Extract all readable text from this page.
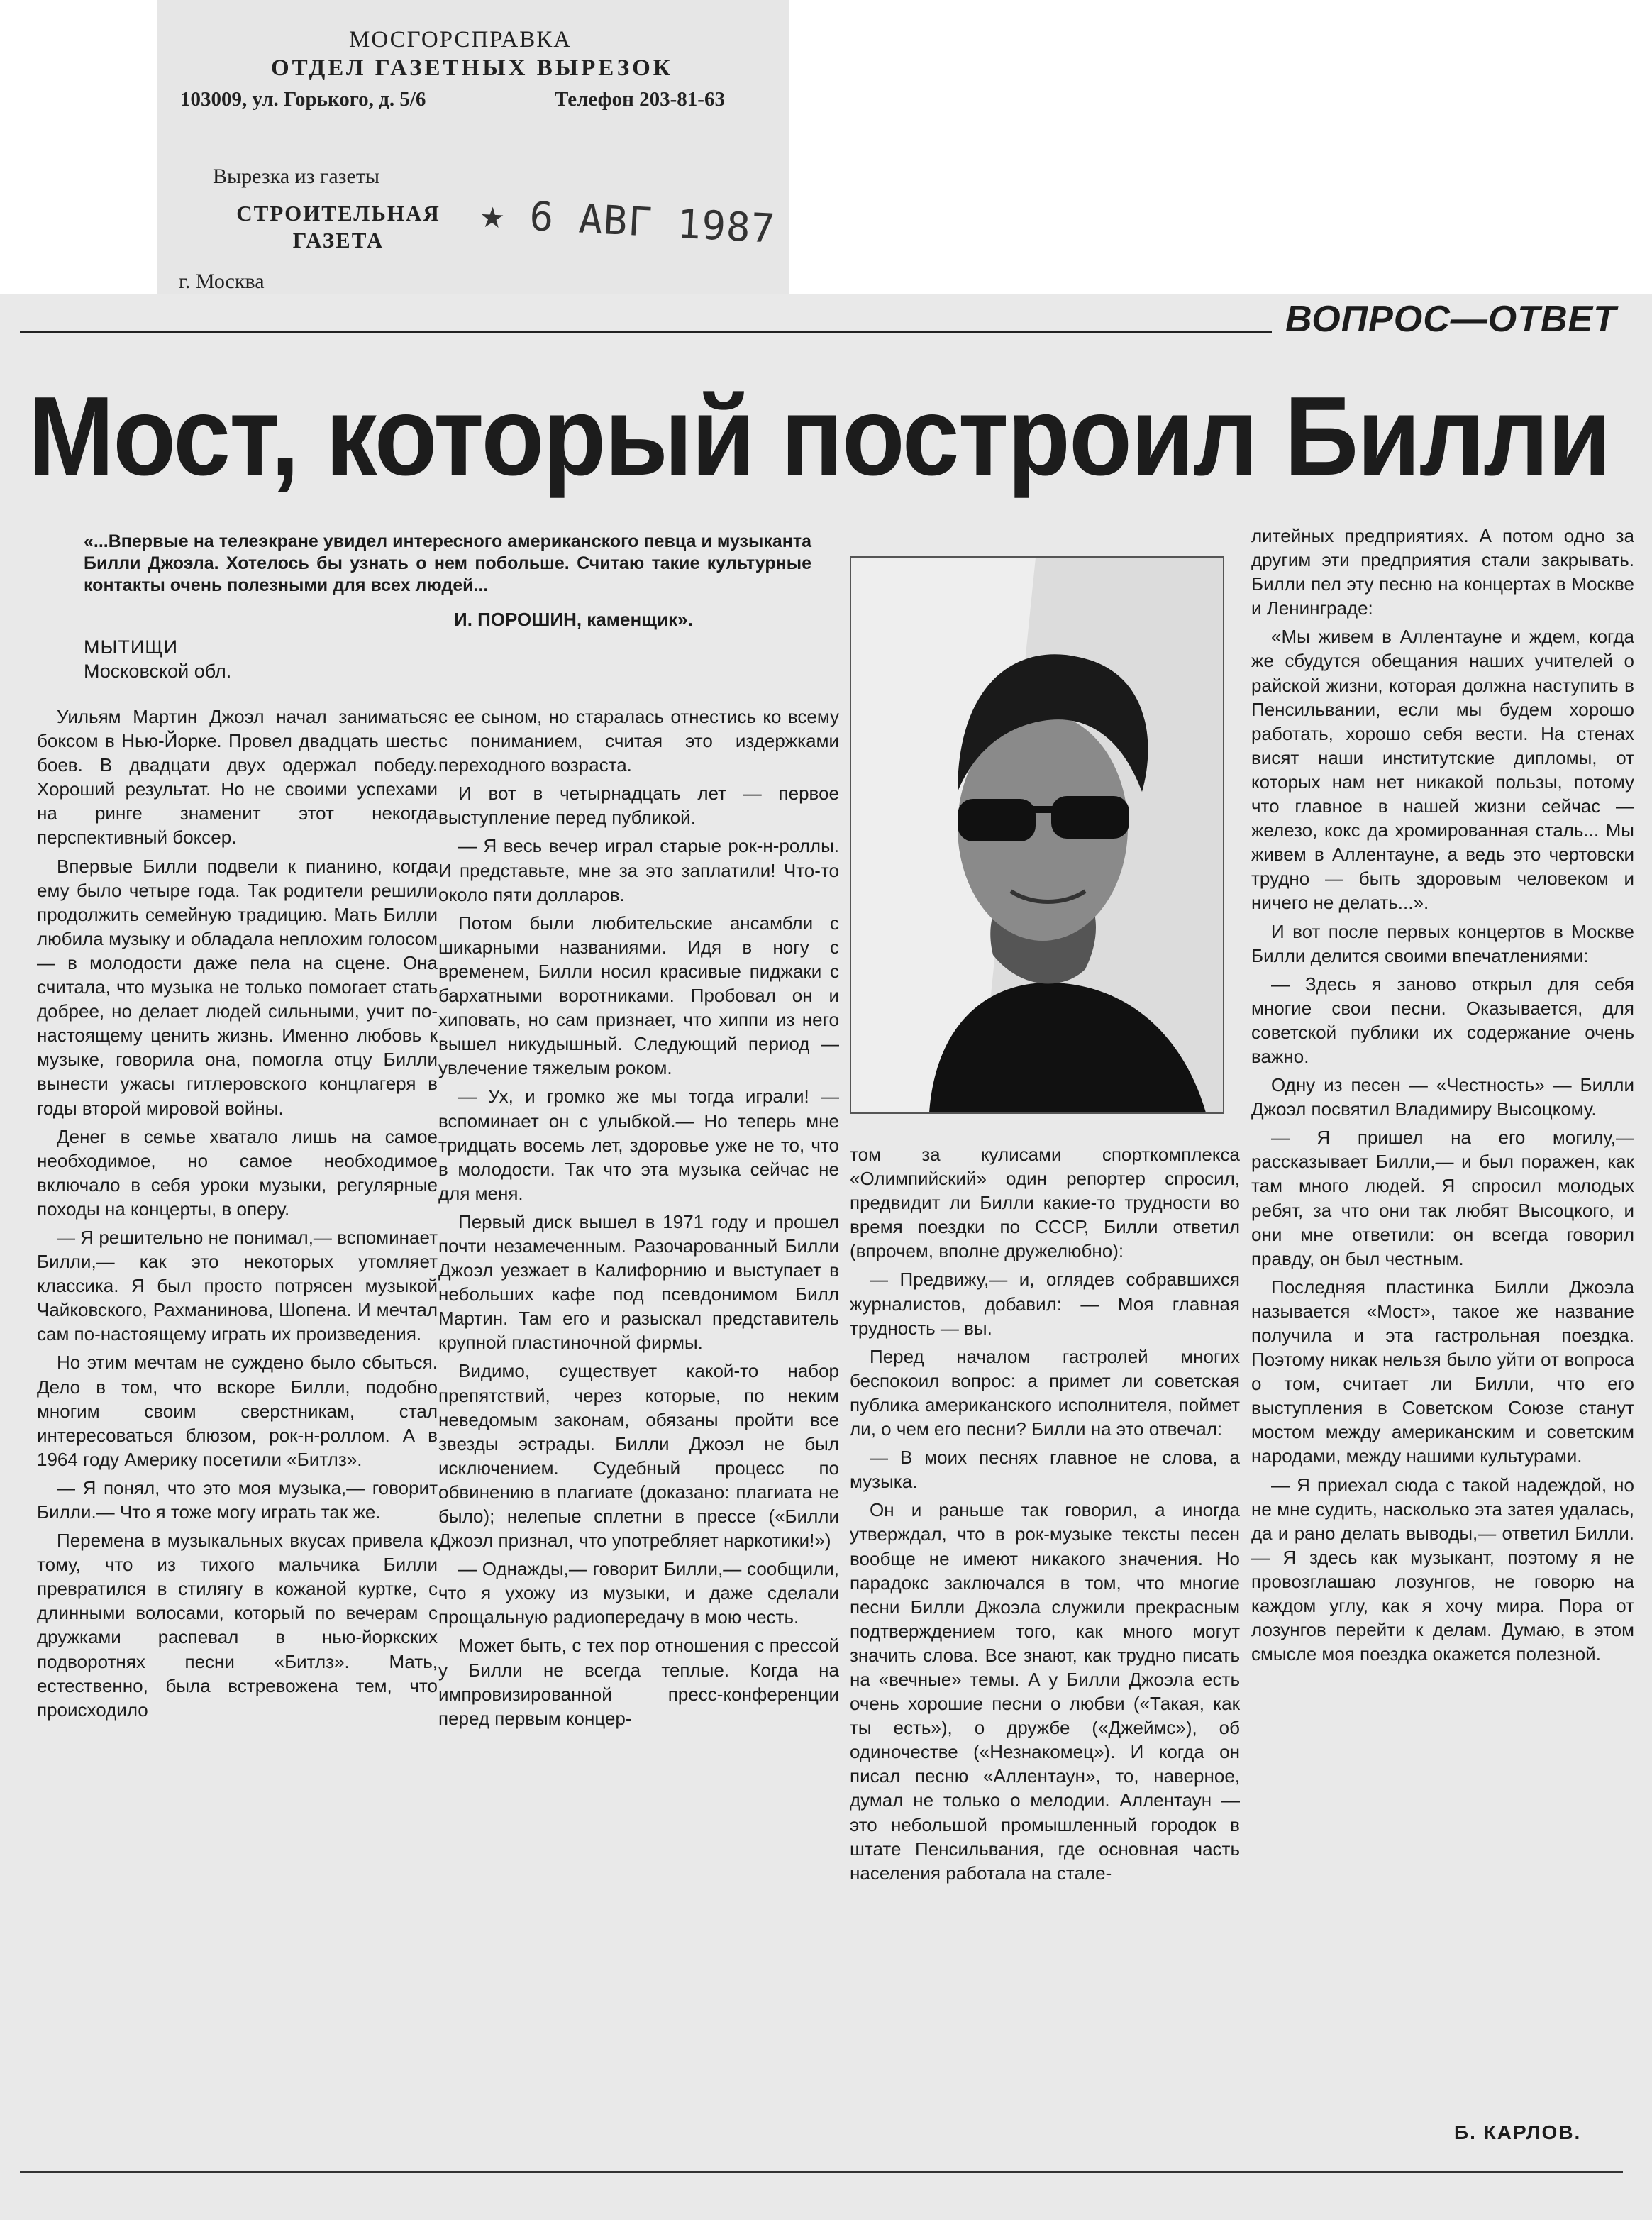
МОСГОРСПРАВКА
ОТДЕЛ ГАЗЕТНЫХ ВЫРЕЗОК
103009, ул. Горького, д. 5/6	Телефон 203-81-63
Вырезка из газеты
СТРОИТЕЛЬНАЯ ГАЗЕТА	★ 6 АВГ 1987
г. Москва
ВОПРОС—ОТВЕТ
Мост, который построил Билли
«...Впервые на телеэкране увидел интересного американского певца и музыканта Билли Джоэла. Хотелось бы узнать о нем побольше. Считаю такие культурные контакты очень полезными для всех людей...
И. ПОРОШИН, каменщик».
МЫТИЩИ
Московской обл.

Уильям Мартин Джоэл начал заниматься боксом в Нью-Йорке. Провел двадцать шесть боев. В двадцати двух одержал победу. Хороший результат. Но не своими успехами на ринге знаменит этот некогда перспективный боксер.

Впервые Билли подвели к пианино, когда ему было четыре года. Так родители решили продолжить семейную традицию. Мать Билли любила музыку и обладала неплохим голосом — в молодости даже пела на сцене. Она считала, что музыка не только помогает стать добрее, но делает людей сильными, учит по-настоящему ценить жизнь. Именно любовь к музыке, говорила она, помогла отцу Билли вынести ужасы гитлеровского концлагеря в годы второй мировой войны.

Денег в семье хватало лишь на самое необходимое, но самое необходимое включало в себя уроки музыки, регулярные походы на концерты, в оперу.

— Я решительно не понимал,— вспоминает Билли,— как это некоторых утомляет классика. Я был просто потрясен музыкой Чайковского, Рахманинова, Шопена. И мечтал сам по-настоящему играть их произведения.

Но этим мечтам не суждено было сбыться. Дело в том, что вскоре Билли, подобно многим своим сверстникам, стал интересоваться блюзом, рок-н-роллом. А в 1964 году Америку посетили «Битлз».

— Я понял, что это моя музыка,— говорит Билли.— Что я тоже могу играть так же.

Перемена в музыкальных вкусах привела к тому, что из тихого мальчика Билли превратился в стилягу в кожаной куртке, с длинными волосами, который по вечерам с дружками распевал в нью-йоркских подворотнях песни «Битлз». Мать, естественно, была встревожена тем, что происходило

с ее сыном, но старалась отнестись ко всему с пониманием, считая это издержками переходного возраста.

И вот в четырнадцать лет — первое выступление перед публикой.

— Я весь вечер играл старые рок-н-роллы. И представьте, мне за это заплатили! Что-то около пяти долларов.

Потом были любительские ансамбли с шикарными названиями. Идя в ногу с временем, Билли носил красивые пиджаки с бархатными воротниками. Пробовал он и хиповать, но сам признает, что хиппи из него вышел никудышный. Следующий период — увлечение тяжелым роком.

— Ух, и громко же мы тогда играли! — вспоминает он с улыбкой.— Но теперь мне тридцать восемь лет, здоровье уже не то, что в молодости. Так что эта музыка сейчас не для меня.

Первый диск вышел в 1971 году и прошел почти незамеченным. Разочарованный Билли Джоэл уезжает в Калифорнию и выступает в небольших кафе под псевдонимом Билл Мартин. Там его и разыскал представитель крупной пластиночной фирмы.

Видимо, существует какой-то набор препятствий, через которые, по неким неведомым законам, обязаны пройти все звезды эстрады. Билли Джоэл не был исключением. Судебный процесс по обвинению в плагиате (доказано: плагиата не было); нелепые сплетни в прессе («Билли Джоэл признал, что употребляет наркотики!»)

— Однажды,— говорит Билли,— сообщили, что я ухожу из музыки, и даже сделали прощальную радиопередачу в мою честь.

Может быть, с тех пор отношения с прессой у Билли не всегда теплые. Когда на импровизированной пресс-конференции перед первым концер-

том за кулисами спорткомплекса «Олимпийский» один репортер спросил, предвидит ли Билли какие-то трудности во время поездки по СССР, Билли ответил (впрочем, вполне дружелюбно):

— Предвижу,— и, оглядев собравшихся журналистов, добавил: — Моя главная трудность — вы.

Перед началом гастролей многих беспокоил вопрос: а примет ли советская публика американского исполнителя, поймет ли, о чем его песни? Билли на это отвечал:

— В моих песнях главное не слова, а музыка.

Он и раньше так говорил, а иногда утверждал, что в рок-музыке тексты песен вообще не имеют никакого значения. Но парадокс заключался в том, что многие песни Билли Джоэла служили прекрасным подтверждением того, как много могут значить слова. Все знают, как трудно писать на «вечные» темы. А у Билли Джоэла есть очень хорошие песни о любви («Такая, как ты есть»), о дружбе («Джеймс»), об одиночестве («Незнакомец»). И когда он писал песню «Аллентаун», то, наверное, думал не только о мелодии. Аллентаун — это небольшой промышленный городок в штате Пенсильвания, где основная часть населения работала на стале-

литейных предприятиях. А потом одно за другим эти предприятия стали закрывать. Билли пел эту песню на концертах в Москве и Ленинграде:

«Мы живем в Аллентауне и ждем, когда же сбудутся обещания наших учителей о райской жизни, которая должна наступить в Пенсильвании, если мы будем хорошо работать, хорошо себя вести. На стенах висят наши институтские дипломы, от которых нам нет никакой пользы, потому что главное в нашей жизни сейчас — железо, кокс да хромированная сталь... Мы живем в Аллентауне, а ведь это чертовски трудно — быть здоровым человеком и ничего не делать...».

И вот после первых концертов в Москве Билли делится своими впечатлениями:

— Здесь я заново открыл для себя многие свои песни. Оказывается, для советской публики их содержание очень важно.

Одну из песен — «Честность» — Билли Джоэл посвятил Владимиру Высоцкому.

— Я пришел на его могилу,— рассказывает Билли,— и был поражен, как там много людей. Я спросил молодых ребят, за что они так любят Высоцкого, и они мне ответили: он всегда говорил правду, он был честным.

Последняя пластинка Билли Джоэла называется «Мост», такое же название получила и эта гастрольная поездка. Поэтому никак нельзя было уйти от вопроса о том, считает ли Билли, что его выступления в Советском Союзе станут мостом между американским и советским народами, между нашими культурами.

— Я приехал сюда с такой надеждой, но не мне судить, насколько эта затея удалась, да и рано делать выводы,— ответил Билли.— Я здесь как музыкант, поэтому я не провозглашаю лозунгов, не говорю на каждом углу, как я хочу мира. Пора от лозунгов перейти к делам. Думаю, в этом смысле моя поездка окажется полезной.

Б. КАРЛОВ.
